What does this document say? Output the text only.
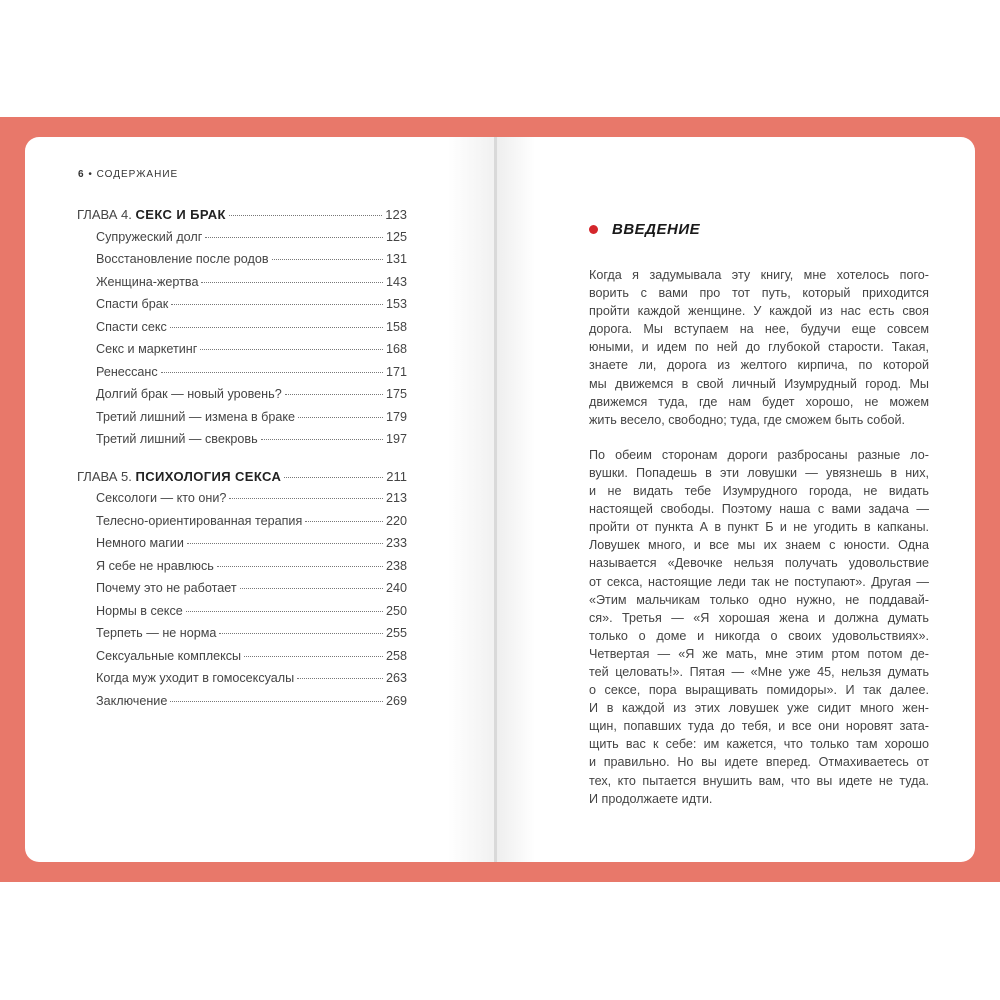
6 • СОДЕРЖАНИЕ
ГЛАВА 4. СЕКС И БРАК	123
Супружеский долг	125
Восстановление после родов	131
Женщина-жертва	143
Спасти брак	153
Спасти секс	158
Секс и маркетинг	168
Ренессанс	171
Долгий брак — новый уровень?	175
Третий лишний — измена в браке	179
Третий лишний — свекровь	197
ГЛАВА 5. ПСИХОЛОГИЯ СЕКСА	211
Сексологи — кто они?	213
Телесно-ориентированная терапия	220
Немного магии	233
Я себе не нравлюсь	238
Почему это не работает	240
Нормы в сексе	250
Терпеть — не норма	255
Сексуальные комплексы	258
Когда муж уходит в гомосексуалы	263
Заключение	269
ВВЕДЕНИЕ
Когда я задумывала эту книгу, мне хотелось пого-
ворить с вами про тот путь, который приходится
пройти каждой женщине. У каждой из нас есть своя
дорога. Мы вступаем на нее, будучи еще совсем
юными, и идем по ней до глубокой старости. Такая,
знаете ли, дорога из желтого кирпича, по которой
мы движемся в свой личный Изумрудный город. Мы
движемся туда, где нам будет хорошо, не можем
жить весело, свободно; туда, где сможем быть собой.
По обеим сторонам дороги разбросаны разные ло-
вушки. Попадешь в эти ловушки — увязнешь в них,
и не видать тебе Изумрудного города, не видать
настоящей свободы. Поэтому наша с вами задача —
пройти от пункта А в пункт Б и не угодить в капканы.
Ловушек много, и все мы их знаем с юности. Одна
называется «Девочке нельзя получать удовольствие
от секса, настоящие леди так не поступают». Другая —
«Этим мальчикам только одно нужно, не поддавай-
ся». Третья — «Я хорошая жена и должна думать
только о доме и никогда о своих удовольствиях».
Четвертая — «Я же мать, мне этим ртом потом де-
тей целовать!». Пятая — «Мне уже 45, нельзя думать
о сексе, пора выращивать помидоры». И так далее.
И в каждой из этих ловушек уже сидит много жен-
щин, попавших туда до тебя, и все они норовят зата-
щить вас к себе: им кажется, что только там хорошо
и правильно. Но вы идете вперед. Отмахиваетесь от
тех, кто пытается внушить вам, что вы идете не туда.
И продолжаете идти.
